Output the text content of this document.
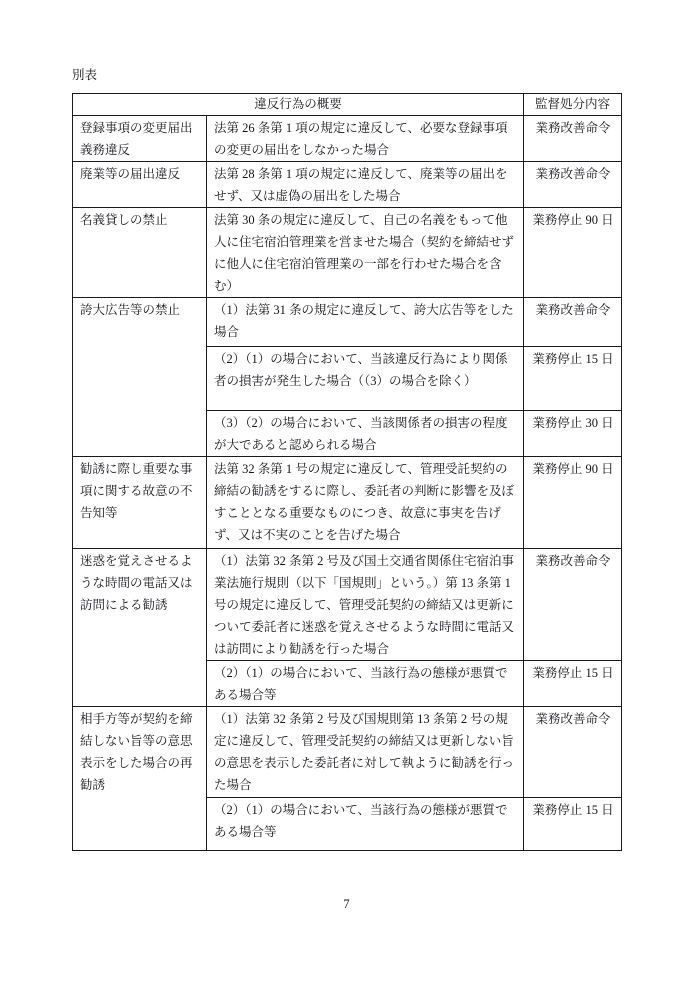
別表
違反行為の概要		監督処分内容
登録事項の変更届出義務違反	法第 26 条第 1 項の規定に違反して、必要な登録事項の変更の届出をしなかった場合	業務改善命令
廃業等の届出違反	法第 28 条第 1 項の規定に違反して、廃業等の届出をせず、又は虚偽の届出をした場合	業務改善命令
名義貸しの禁止	法第 30 条の規定に違反して、自己の名義をもって他人に住宅宿泊管理業を営ませた場合（契約を締結せずに他人に住宅宿泊管理業の一部を行わせた場合を含む）	業務停止 90 日
誇大広告等の禁止	（1）法第 31 条の規定に違反して、誇大広告等をした場合	業務改善命令
	（2）（1）の場合において、当該違反行為により関係者の損害が発生した場合（（3）の場合を除く）	業務停止 15 日
	（3）（2）の場合において、当該関係者の損害の程度が大であると認められる場合	業務停止 30 日
勧誘に際し重要な事項に関する故意の不告知等	法第 32 条第 1 号の規定に違反して、管理受託契約の締結の勧誘をするに際し、委託者の判断に影響を及ぼすこととなる重要なものにつき、故意に事実を告げず、又は不実のことを告げた場合	業務停止 90 日
迷惑を覚えさせるような時間の電話又は訪問による勧誘	（1）法第 32 条第 2 号及び国土交通省関係住宅宿泊事業法施行規則（以下「国規則」という。）第 13 条第 1 号の規定に違反して、管理受託契約の締結又は更新について委託者に迷惑を覚えさせるような時間に電話又は訪問により勧誘を行った場合	業務改善命令
	（2）（1）の場合において、当該行為の態様が悪質である場合等	業務停止 15 日
相手方等が契約を締結しない旨等の意思表示をした場合の再勧誘	（1）法第 32 条第 2 号及び国規則第 13 条第 2 号の規定に違反して、管理受託契約の締結又は更新しない旨の意思を表示した委託者に対して執ように勧誘を行った場合	業務改善命令
	（2）（1）の場合において、当該行為の態様が悪質である場合等	業務停止 15 日
7
